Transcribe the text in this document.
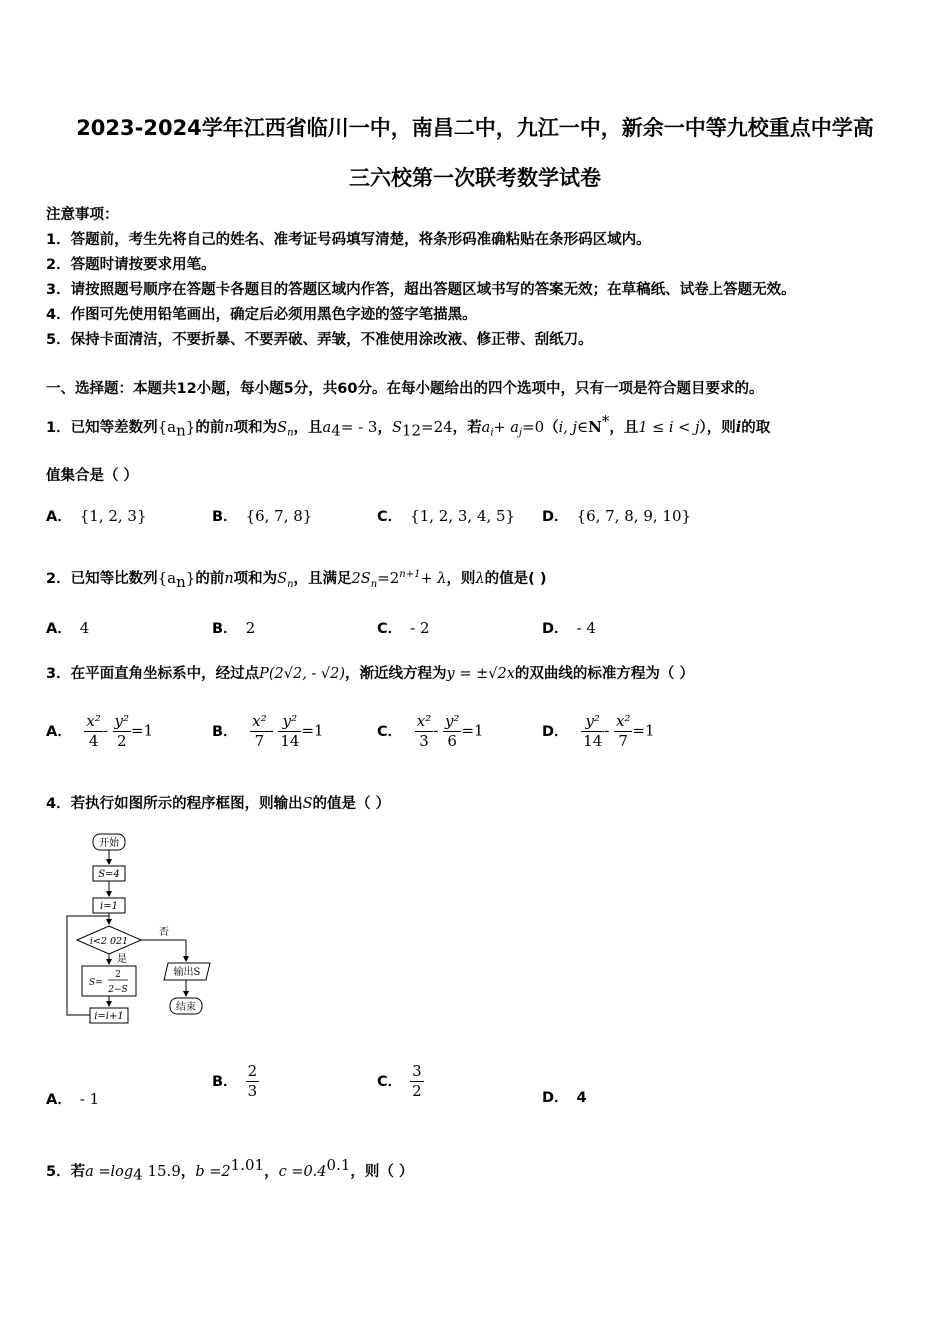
2023-2024学年江西省临川一中，南昌二中，九江一中，新余一中等九校重点中学高
三六校第一次联考数学试卷
注意事项：
1．答题前，考生先将自己的姓名、准考证号码填写清楚，将条形码准确粘贴在条形码区域内。
2．答题时请按要求用笔。
3．请按照题号顺序在答题卡各题目的答题区域内作答，超出答题区域书写的答案无效；在草稿纸、试卷上答题无效。
4．作图可先使用铅笔画出，确定后必须用黑色字迹的签字笔描黑。
5．保持卡面清洁，不要折暴、不要弄破、弄皱，不准使用涂改液、修正带、刮纸刀。
一、选择题：本题共12小题，每小题5分，共60分。在每小题给出的四个选项中，只有一项是符合题目要求的。
1．已知等差数列$\{a_n\}$的前n项和为$S_n$，且$a_4= - 3$，$S_{12}=24$，若$a_i+ a_j=0(i$, j∈N*，且1 ≤ i < j），则i的取
值集合是（ ）
A． {1, 2, 3}	B． {6, 7, 8}	C． {1, 2, 3, 4, 5} D． {6, 7, 8, 9, 10}
2．已知等比数列$\{a_n\}$的前n项和为$S_n$，且满足$2S_n=2^{n+1}+ \lambda$，则λ的值是( )
A． 4	B． 2	C． - 2	D． - 4
3．在平面直角坐标系中，经过点P(2√2, - √2)，渐近线方程为y = ±√2x的双曲线的标准方程为（ ）
A． $\frac{\text{x²}}{4} - \frac{\text{y²}}{2} =1$	B． $\frac{\text{x²}}{7} - \frac{\text{y²}}{14} =1$	C． $\frac{\text{x²}}{3} - \frac{\text{y²}}{6} =1$	D． $\frac{\text{y²}}{14} - \frac{\text{x²}}{7} =1$
4．若执行如图所示的程序框图，则输出S的值是（ ）
开始
S=4
i=1
i<2 021
否
是
S=
2
2−S
输出S
结束
i=i+1
A． - 1
B． $\frac{2}{3}$	C． $\frac{3}{2}$	D． 4
5．若$a =\log_4$ 15.9，$b =2^{1.01}$，$c =0.4^{0.1}$，则（ ）
